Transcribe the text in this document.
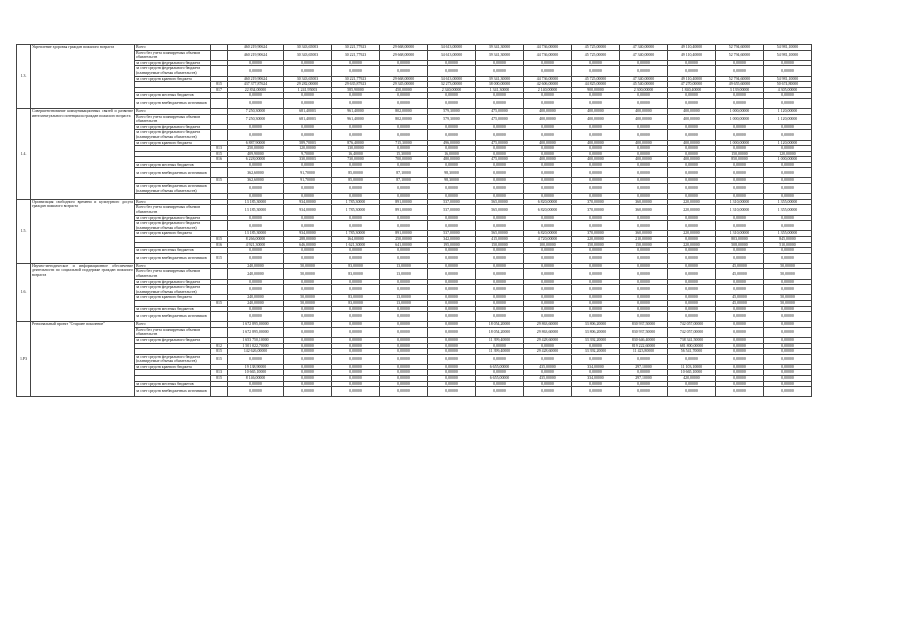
1.3.	Укрепление здоровья граждан пожилого возраста	Всего		460 219,90624	30 343,65003	30 221,77923	29 668,00000	34 613,00000	39 341,30000	44 736,00000	45 725,00000	47 340,00000	49 110,40000	52 794,60000	54 981,10000
		Всего без учета планируемых объемов обязательств		460 219,90624	30 343,65003	30 221,77923	29 668,00000	34 613,00000	39 341,30000	44 736,00000	45 725,00000	47 340,00000	49 110,40000	52 794,60000	54 981,10000
		за счет средств федерального бюджета		0,00000	0,00000	0,00000	0,00000	0,00000	0,00000	0,00000	0,00000	0,00000	0,00000	0,00000	0,00000
		за счет средств федерального бюджета (планируемые объемы обязательств)		0,00000	0,00000	0,00000	0,00000	0,00000	0,00000	0,00000	0,00000	0,00000	0,00000	0,00000	0,00000
		за счет средств краевого бюджета		460 219,90624	30 343,65003	30 221,77923	29 668,00000	34 613,00000	39 341,30000	44 736,00000	45 725,00000	47 340,00000	49 110,40000	52 794,60000	54 981,10000
			815	437 377,87624	29 282,00000	29 635,87923	29 345,00000	32 273,00000	38 000,00000	42 606,00000	44 825,00000	45 540,00000	47 270,00000	49 655,60000	50 674,80000
			817	22 834,00000	1 241,95003	585,90000	450,00000	2 340,00000	1 341,30000	2 140,00000	900,00000	2 300,00000	1 840,40000	3 139,00000	4 305,00000
		за счет средств местных бюджетов		0,00000	0,00000	0,00000	0,00000	0,00000	0,00000	0,00000	0,00000	0,00000	0,00000	0,00000	0,00000
		за счет средств внебюджетных источников		0,00000	0,00000	0,00000	0,00000	0,00000	0,00000	0,00000	0,00000	0,00000	0,00000	0,00000	0,00000
1.4.	Совершенствование коммуникационных связей и развитие интеллектуального потенциала граждан пожилого возраста	Всего		7 250,30000	681,40003	961,40000	802,00000	579,30000	475,00000	400,00000	400,00000	400,00000	400,00000	1 000,00000	1 120,00000
		Всего без учета планируемых объемов обязательств		7 250,30000	681,40003	961,40000	802,00000	579,30000	475,00000	400,00000	400,00000	400,00000	400,00000	1 000,00000	1 120,00000
		за счет средств федерального бюджета		0,00000	0,00000	0,00000	0,00000	0,00000	0,00000	0,00000	0,00000	0,00000	0,00000	0,00000	0,00000
		за счет средств федерального бюджета (планируемые объемы обязательств)		0,00000	0,00000	0,00000	0,00000	0,00000	0,00000	0,00000	0,00000	0,00000	0,00000	0,00000	0,00000
		за счет средств краевого бюджета		6 887,90000	589,70003	876,40000	715,30000	496,00000	475,00000	400,00000	400,00000	400,00000	400,00000	1 000,00000	1 120,00000
			813	250,00000	120,00000	130,00000	0,00000	0,00000	0,00000	0,00000	0,00000	0,00000	0,00000	0,00000	0,00000
			815	409,90000	9,70000	16,40000	15,30000	16,00000	0,00000	0,00000	0,00000	0,00000	0,00000	150,00000	120,00000
			816	6 228,00000	330,00003	730,00000	700,00000	480,00000	475,00000	400,00000	400,00000	400,00000	400,00000	850,00000	1 000,00000
		за счет средств местных бюджетов		0,00000	0,00000	0,00000	0,00000	0,00000	0,00000	0,00000	0,00000	0,00000	0,00000	0,00000	0,00000
		за счет средств внебюджетных источников		362,60000	91,70000	85,00000	87,10000	98,30000	0,00000	0,00000	0,00000	0,00000	0,00000	0,00000	0,00000
			815	362,60000	91,70000	85,00000	87,10000	98,30000	0,00000	0,00000	0,00000	0,00000	0,00000	0,00000	0,00000
		за счет средств внебюджетных источников (планируемые объемы обязательств)		0,00000	0,00000	0,00000	0,00000	0,00000	0,00000	0,00000	0,00000	0,00000	0,00000	0,00000	0,00000
				0,00000	0,00000	0,00000	0,00000	0,00000	0,00000	0,00000	0,00000	0,00000	0,00000	0,00000	0,00000
1.5.	Организация свободного времени и культурного досуга граждан пожилого возраста	Всего		13 185,30000	934,00000	1 785,30000	891,00000	537,00000	565,00000	6 820,00000	370,00000	360,00000	220,00000	1 310,00000	1 355,00000
		Всего без учета планируемых объемов обязательств		13 185,30000	934,00000	1 785,30000	891,00000	537,00000	565,00000	6 820,00000	370,00000	360,00000	220,00000	1 310,00000	1 355,00000
		за счет средств федерального бюджета		0,00000	0,00000	0,00000	0,00000	0,00000	0,00000	0,00000	0,00000	0,00000	0,00000	0,00000	0,00000
		за счет средств федерального бюджета (планируемые объемы обязательств)		0,00000	0,00000	0,00000	0,00000	0,00000	0,00000	0,00000	0,00000	0,00000	0,00000	0,00000	0,00000
		за счет средств краевого бюджета		13 185,30000	934,00000	1 785,30000	891,00000	537,00000	565,00000	6 820,00000	370,00000	360,00000	220,00000	1 310,00000	1 355,00000
			815	8 266,00000	288,00000	164,00000	250,00000	342,00000	415,00000	4 720,00000	220,00000	210,00000	0,00000	803,00000	845,00000
			816	4 921,30000	646,00000	1 621,30000	641,00000	195,00000	150,00000	100,00000	150,00000	150,00000	220,00000	508,00000	510,00000
		за счет средств местных бюджетов		0,00000	0,00000	0,00000	0,00000	0,00000	0,00000	0,00000	0,00000	0,00000	0,00000	0,00000	0,00000
		за счет средств внебюджетных источников	815	0,00000	0,00000	0,00000	0,00000	0,00000	0,00000	0,00000	0,00000	0,00000	0,00000	0,00000	0,00000
1.6.	Научно-методическое и информационное обеспечение деятельности по социальной поддержке граждан пожилого возраста	Всего		240,00000	50,00000	83,00000	13,00000	0,00000	0,00000	0,00000	0,00000	0,00000	0,00000	45,00000	50,00000
		Всего без учета планируемых объемов обязательств		240,00000	50,00000	83,00000	13,00000	0,00000	0,00000	0,00000	0,00000	0,00000	0,00000	45,00000	50,00000
		за счет средств федерального бюджета		0,00000	0,00000	0,00000	0,00000	0,00000	0,00000	0,00000	0,00000	0,00000	0,00000	0,00000	0,00000
		за счет средств федерального бюджета (планируемые объемы обязательств)		0,00000	0,00000	0,00000	0,00000	0,00000	0,00000	0,00000	0,00000	0,00000	0,00000	0,00000	0,00000
		за счет средств краевого бюджета		240,00000	50,00000	83,00000	13,00000	0,00000	0,00000	0,00000	0,00000	0,00000	0,00000	45,00000	50,00000
			815	240,00000	50,00000	83,00000	13,00000	0,00000	0,00000	0,00000	0,00000	0,00000	0,00000	45,00000	50,00000
		за счет средств местных бюджетов		0,00000	0,00000	0,00000	0,00000	0,00000	0,00000	0,00000	0,00000	0,00000	0,00000	0,00000	0,00000
		за счет средств внебюджетных источников		0,00000	0,00000	0,00000	0,00000	0,00000	0,00000	0,00000	0,00000	0,00000	0,00000	0,00000	0,00000
1.Р3	Региональный проект "Старшее поколение"	Всего		1 672 895,00000	0,00000	0,00000	0,00000	0,00000	18 054,20000	29 863,60000	33 806,20000	830 937,50000	742 057,00000	0,00000	0,00000
		Всего без учета планируемых объемов обязательств		1 672 895,00000	0,00000	0,00000	0,00000	0,00000	18 054,20000	29 863,60000	33 806,20000	830 937,50000	742 057,00000	0,00000	0,00000
		за счет средств федерального бюджета		1 653 750,10000	0,00000	0,00000	0,00000	0,00000	11 399,40000	29 428,60000	33 392,20000	830 646,40000	738 341,50000	0,00000	0,00000
			812	1 501 022,70000	0,00000	0,00000	0,00000	0,00000	0,00000	0,00000	0,00000	819 222,60000	681 800,00000	0,00000	0,00000
			815	142 626,00000	0,00000	0,00000	0,00000	0,00000	11 399,40000	29 428,60000	33 392,20000	11 423,80000	56 541,70000	0,00000	0,00000
		за счет средств федерального бюджета (планируемые объемы обязательств)	815	0,00000	0,00000	0,00000	0,00000	0,00000	0,00000	0,00000	0,00000	0,00000	0,00000	0,00000	0,00000
		за счет средств краевого бюджета		19 138,90000	0,00000	0,00000	0,00000	0,00000	6 655,00000	435,00000	334,00000	297,10000	11 103,10000	0,00000	0,00000
			813	10 665,10000	0,00000	0,00000	0,00000	0,00000	0,00000	0,00000	0,00000	0,00000	10 665,10000	0,00000	0,00000
			815	8 146,00000	0,00000	0,00000	0,00000	0,00000	6 655,00000	435,00000	334,00000	297,10000	420,00000	0,00000	0,00000
		за счет средств местных бюджетов		0,00000	0,00000	0,00000	0,00000	0,00000	0,00000	0,00000	0,00000	0,00000	0,00000	0,00000	0,00000
		за счет средств внебюджетных источников		0,00000	0,00000	0,00000	0,00000	0,00000	0,00000	0,00000	0,00000	0,00000	0,00000	0,00000	0,00000
